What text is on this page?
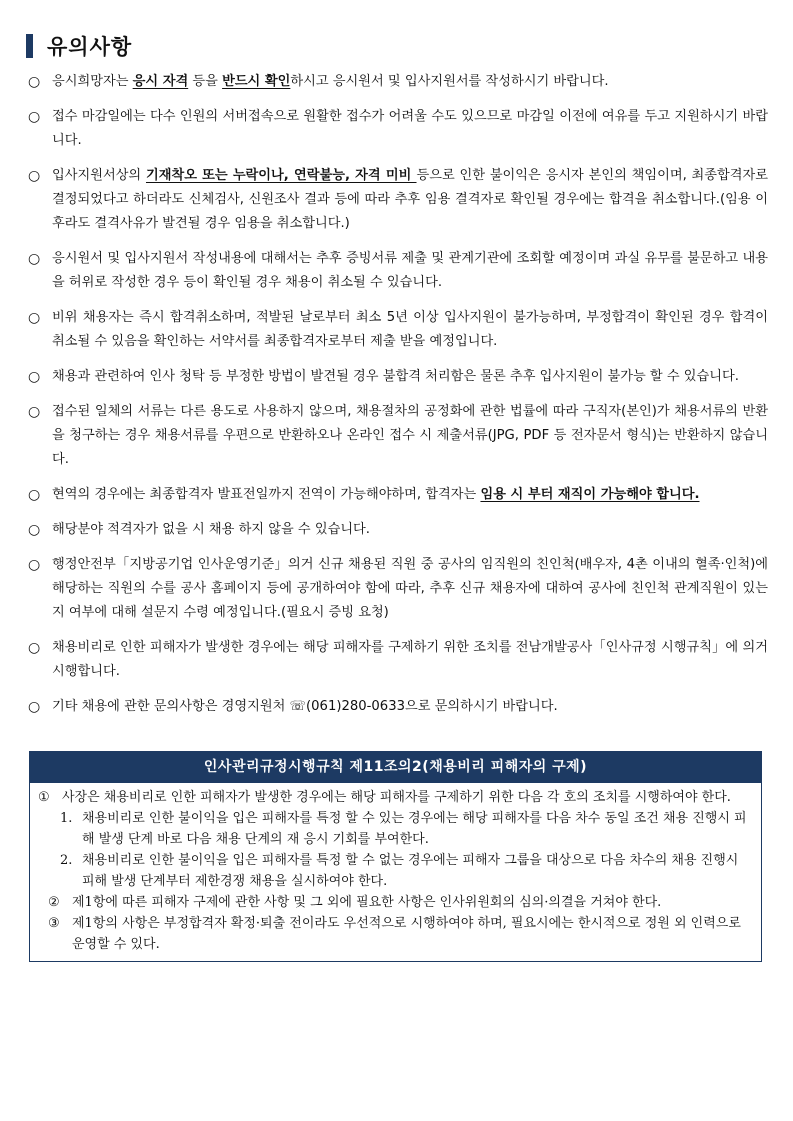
유의사항
○ 응시희망자는 응시 자격 등을 반드시 확인하시고 응시원서 및 입사지원서를 작성하시기 바랍니다.
○ 접수 마감일에는 다수 인원의 서버접속으로 원활한 접수가 어려울 수도 있으므로 마감일 이전에 여유를 두고 지원하시기 바랍니다.
○ 입사지원서상의 기재착오 또는 누락이나, 연락불능, 자격 미비 등으로 인한 불이익은 응시자 본인의 책임이며, 최종합격자로 결정되었다고 하더라도 신체검사, 신원조사 결과 등에 따라 추후 임용 결격자로 확인될 경우에는 합격을 취소합니다.(임용 이후라도 결격사유가 발견될 경우 임용을 취소합니다.)
○ 응시원서 및 입사지원서 작성내용에 대해서는 추후 증빙서류 제출 및 관계기관에 조회할 예정이며 과실 유무를 불문하고 내용을 허위로 작성한 경우 등이 확인될 경우 채용이 취소될 수 있습니다.
○ 비위 채용자는 즉시 합격취소하며, 적발된 날로부터 최소 5년 이상 입사지원이 불가능하며, 부정합격이 확인된 경우 합격이 취소될 수 있음을 확인하는 서약서를 최종합격자로부터 제출 받을 예정입니다.
○ 채용과 관련하여 인사 청탁 등 부정한 방법이 발견될 경우 불합격 처리함은 물론 추후 입사지원이 불가능 할 수 있습니다.
○ 접수된 일체의 서류는 다른 용도로 사용하지 않으며, 채용절차의 공정화에 관한 법률에 따라 구직자(본인)가 채용서류의 반환을 청구하는 경우 채용서류를 우편으로 반환하오나 온라인 접수 시 제출서류(JPG, PDF 등 전자문서 형식)는 반환하지 않습니다.
○ 현역의 경우에는 최종합격자 발표전일까지 전역이 가능해야하며, 합격자는 임용 시 부터 재직이 가능해야 합니다.
○ 해당분야 적격자가 없을 시 채용 하지 않을 수 있습니다.
○ 행정안전부「지방공기업 인사운영기준」의거 신규 채용된 직원 중 공사의 임직원의 친인척(배우자, 4촌 이내의 혈족·인척)에 해당하는 직원의 수를 공사 홈페이지 등에 공개하여야 함에 따라, 추후 신규 채용자에 대하여 공사에 친인척 관계직원이 있는지 여부에 대해 설문지 수령 예정입니다.(필요시 증빙 요청)
○ 채용비리로 인한 피해자가 발생한 경우에는 해당 피해자를 구제하기 위한 조치를 전남개발공사「인사규정 시행규칙」에 의거 시행합니다.
○ 기타 채용에 관한 문의사항은 경영지원처 ☏(061)280-0633으로 문의하시기 바랍니다.
인사관리규정시행규칙 제11조의2(채용비리 피해자의 구제)
① 사장은 채용비리로 인한 피해자가 발생한 경우에는 해당 피해자를 구제하기 위한 다음 각 호의 조치를 시행하여야 한다.
1. 채용비리로 인한 불이익을 입은 피해자를 특정 할 수 있는 경우에는 해당 피해자를 다음 차수 동일 조건 채용 진행시 피해 발생 단계 바로 다음 채용 단계의 재 응시 기회를 부여한다.
2. 채용비리로 인한 불이익을 입은 피해자를 특정 할 수 없는 경우에는 피해자 그룹을 대상으로 다음 차수의 채용 진행시 피해 발생 단계부터 제한경쟁 채용을 실시하여야 한다.
② 제1항에 따른 피해자 구제에 관한 사항 및 그 외에 필요한 사항은 인사위원회의 심의·의결을 거쳐야 한다.
③ 제1항의 사항은 부정합격자 확정·퇴출 전이라도 우선적으로 시행하여야 하며, 필요시에는 한시적으로 정원 외 인력으로 운영할 수 있다.
